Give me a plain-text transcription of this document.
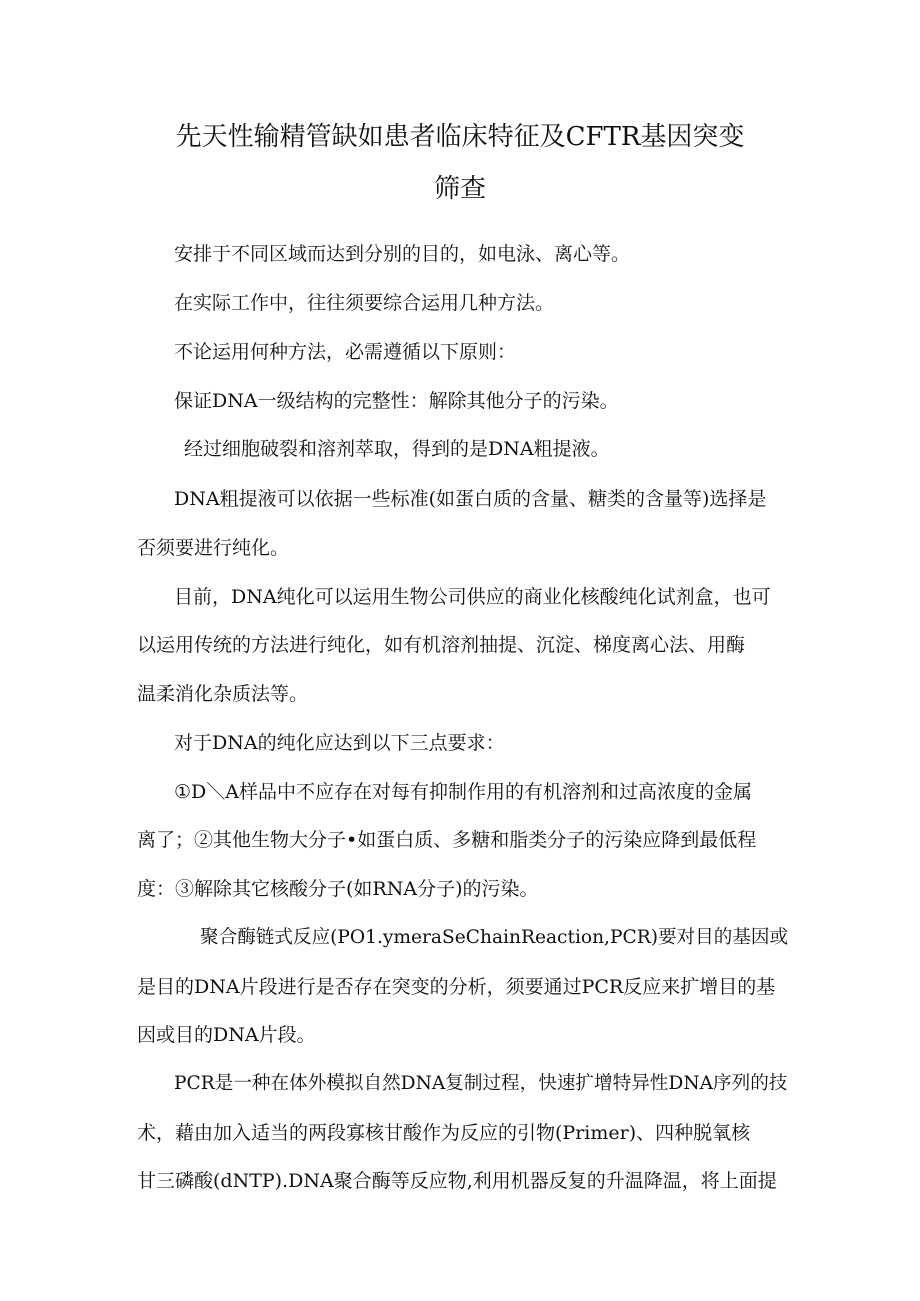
先天性输精管缺如患者临床特征及CFTR基因突变
筛查

安排于不同区域而达到分别的目的，如电泳、离心等。

在实际工作中，往往须要综合运用几种方法。

不论运用何种方法，必需遵循以下原则：

保证DNA一级结构的完整性：解除其他分子的污染。

经过细胞破裂和溶剂萃取，得到的是DNA粗提液。

DNA粗提液可以依据一些标准(如蛋白质的含量、糖类的含量等)选择是

否须要进行纯化。

目前，DNA纯化可以运用生物公司供应的商业化核酸纯化试剂盒，也可

以运用传统的方法进行纯化，如有机溶剂抽提、沉淀、梯度离心法、用酶

温柔消化杂质法等。

对于DNA的纯化应达到以下三点要求：

①D＼A样品中不应存在对每有抑制作用的有机溶剂和过高浓度的金属

离了；②其他生物大分子•如蛋白质、多糖和脂类分子的污染应降到最低程

度：③解除其它核酸分子(如RNA分子)的污染。

聚合酶链式反应(PO1.ymeraSeChainReaction,PCR)要对目的基因或

是目的DNA片段进行是否存在突变的分析，须要通过PCR反应来扩增目的基

因或目的DNA片段。

PCR是一种在体外模拟自然DNA复制过程，快速扩增特异性DNA序列的技

术，藉由加入适当的两段寡核甘酸作为反应的引物(Primer)、四种脱氧核

甘三磷酸(dNTP).DNA聚合酶等反应物,利用机器反复的升温降温，将上面提
